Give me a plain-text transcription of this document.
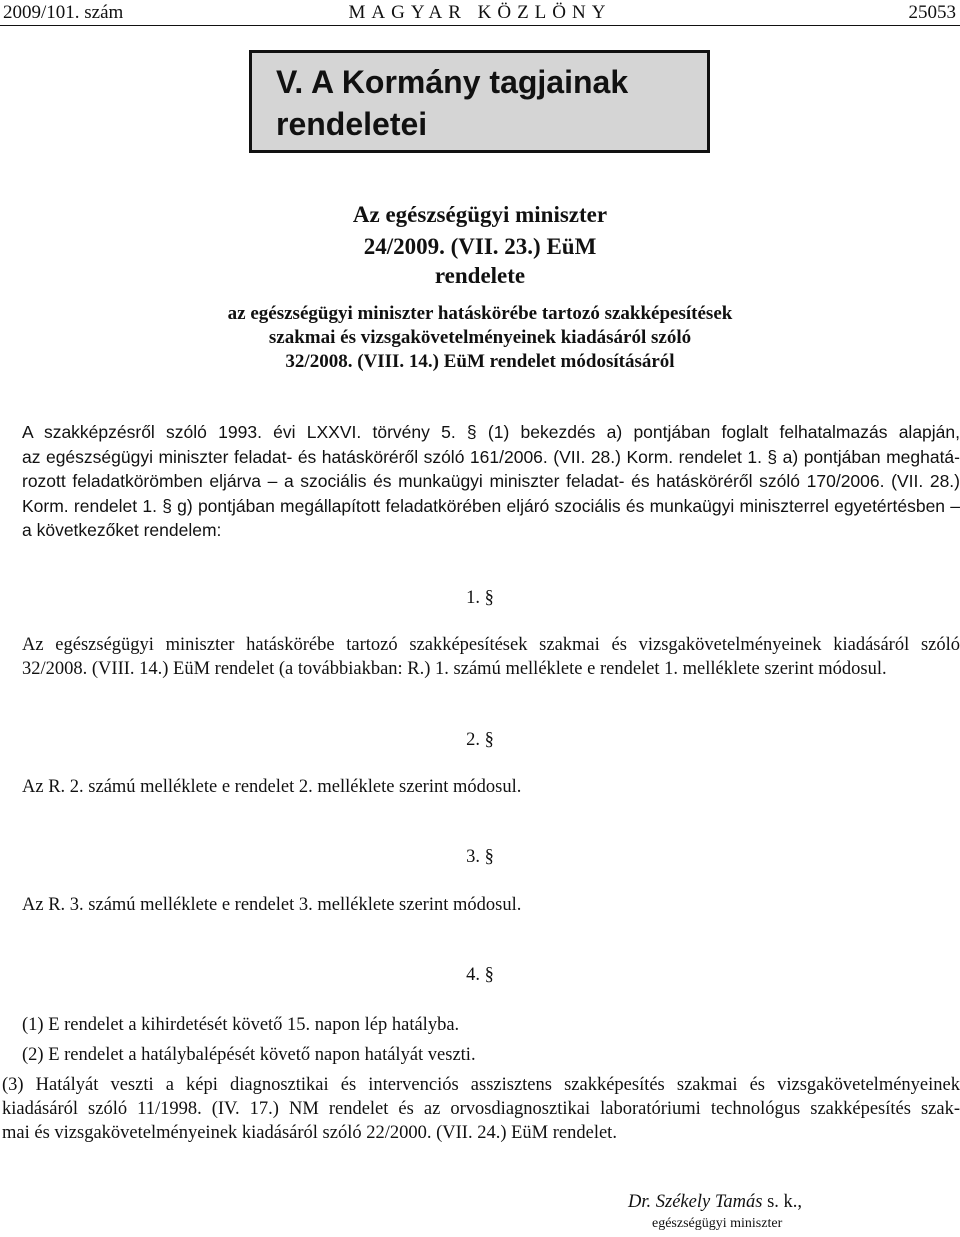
2009/101. szám	MAGYAR KÖZLÖNY	25053
V. A Kormány tagjainak
rendeletei
Az egészségügyi miniszter
24/2009. (VII. 23.) EüM
rendelete
az egészségügyi miniszter hatáskörébe tartozó szakképesítések
szakmai és vizsgakövetelményeinek kiadásáról szóló
32/2008. (VIII. 14.) EüM rendelet módosításáról
A szakképzésről szóló 1993. évi LXXVI. törvény 5. § (1) bekezdés a) pontjában foglalt felhatalmazás alapján,
az egészségügyi miniszter feladat- és hatásköréről szóló 161/2006. (VII. 28.) Korm. rendelet 1. § a) pontjában meghatá-
rozott feladatkörömben eljárva – a szociális és munkaügyi miniszter feladat- és hatásköréről szóló 170/2006. (VII. 28.)
Korm. rendelet 1. § g) pontjában megállapított feladatkörében eljáró szociális és munkaügyi miniszterrel egyetértésben –
a következőket rendelem:
1. §
Az egészségügyi miniszter hatáskörébe tartozó szakképesítések szakmai és vizsgakövetelményeinek kiadásáról szóló
32/2008. (VIII. 14.) EüM rendelet (a továbbiakban: R.) 1. számú melléklete e rendelet 1. melléklete szerint módosul.
2. §
Az R. 2. számú melléklete e rendelet 2. melléklete szerint módosul.
3. §
Az R. 3. számú melléklete e rendelet 3. melléklete szerint módosul.
4. §
(1) E rendelet a kihirdetését követő 15. napon lép hatályba.
(2) E rendelet a hatálybalépését követő napon hatályát veszti.
(3) Hatályát veszti a képi diagnosztikai és intervenciós asszisztens szakképesítés szakmai és vizsgakövetelményeinek
kiadásáról szóló 11/1998. (IV. 17.) NM rendelet és az orvosdiagnosztikai laboratóriumi technológus szakképesítés szak-
mai és vizsgakövetelményeinek kiadásáról szóló 22/2000. (VII. 24.) EüM rendelet.
Dr. Székely Tamás s. k.,
egészségügyi miniszter
